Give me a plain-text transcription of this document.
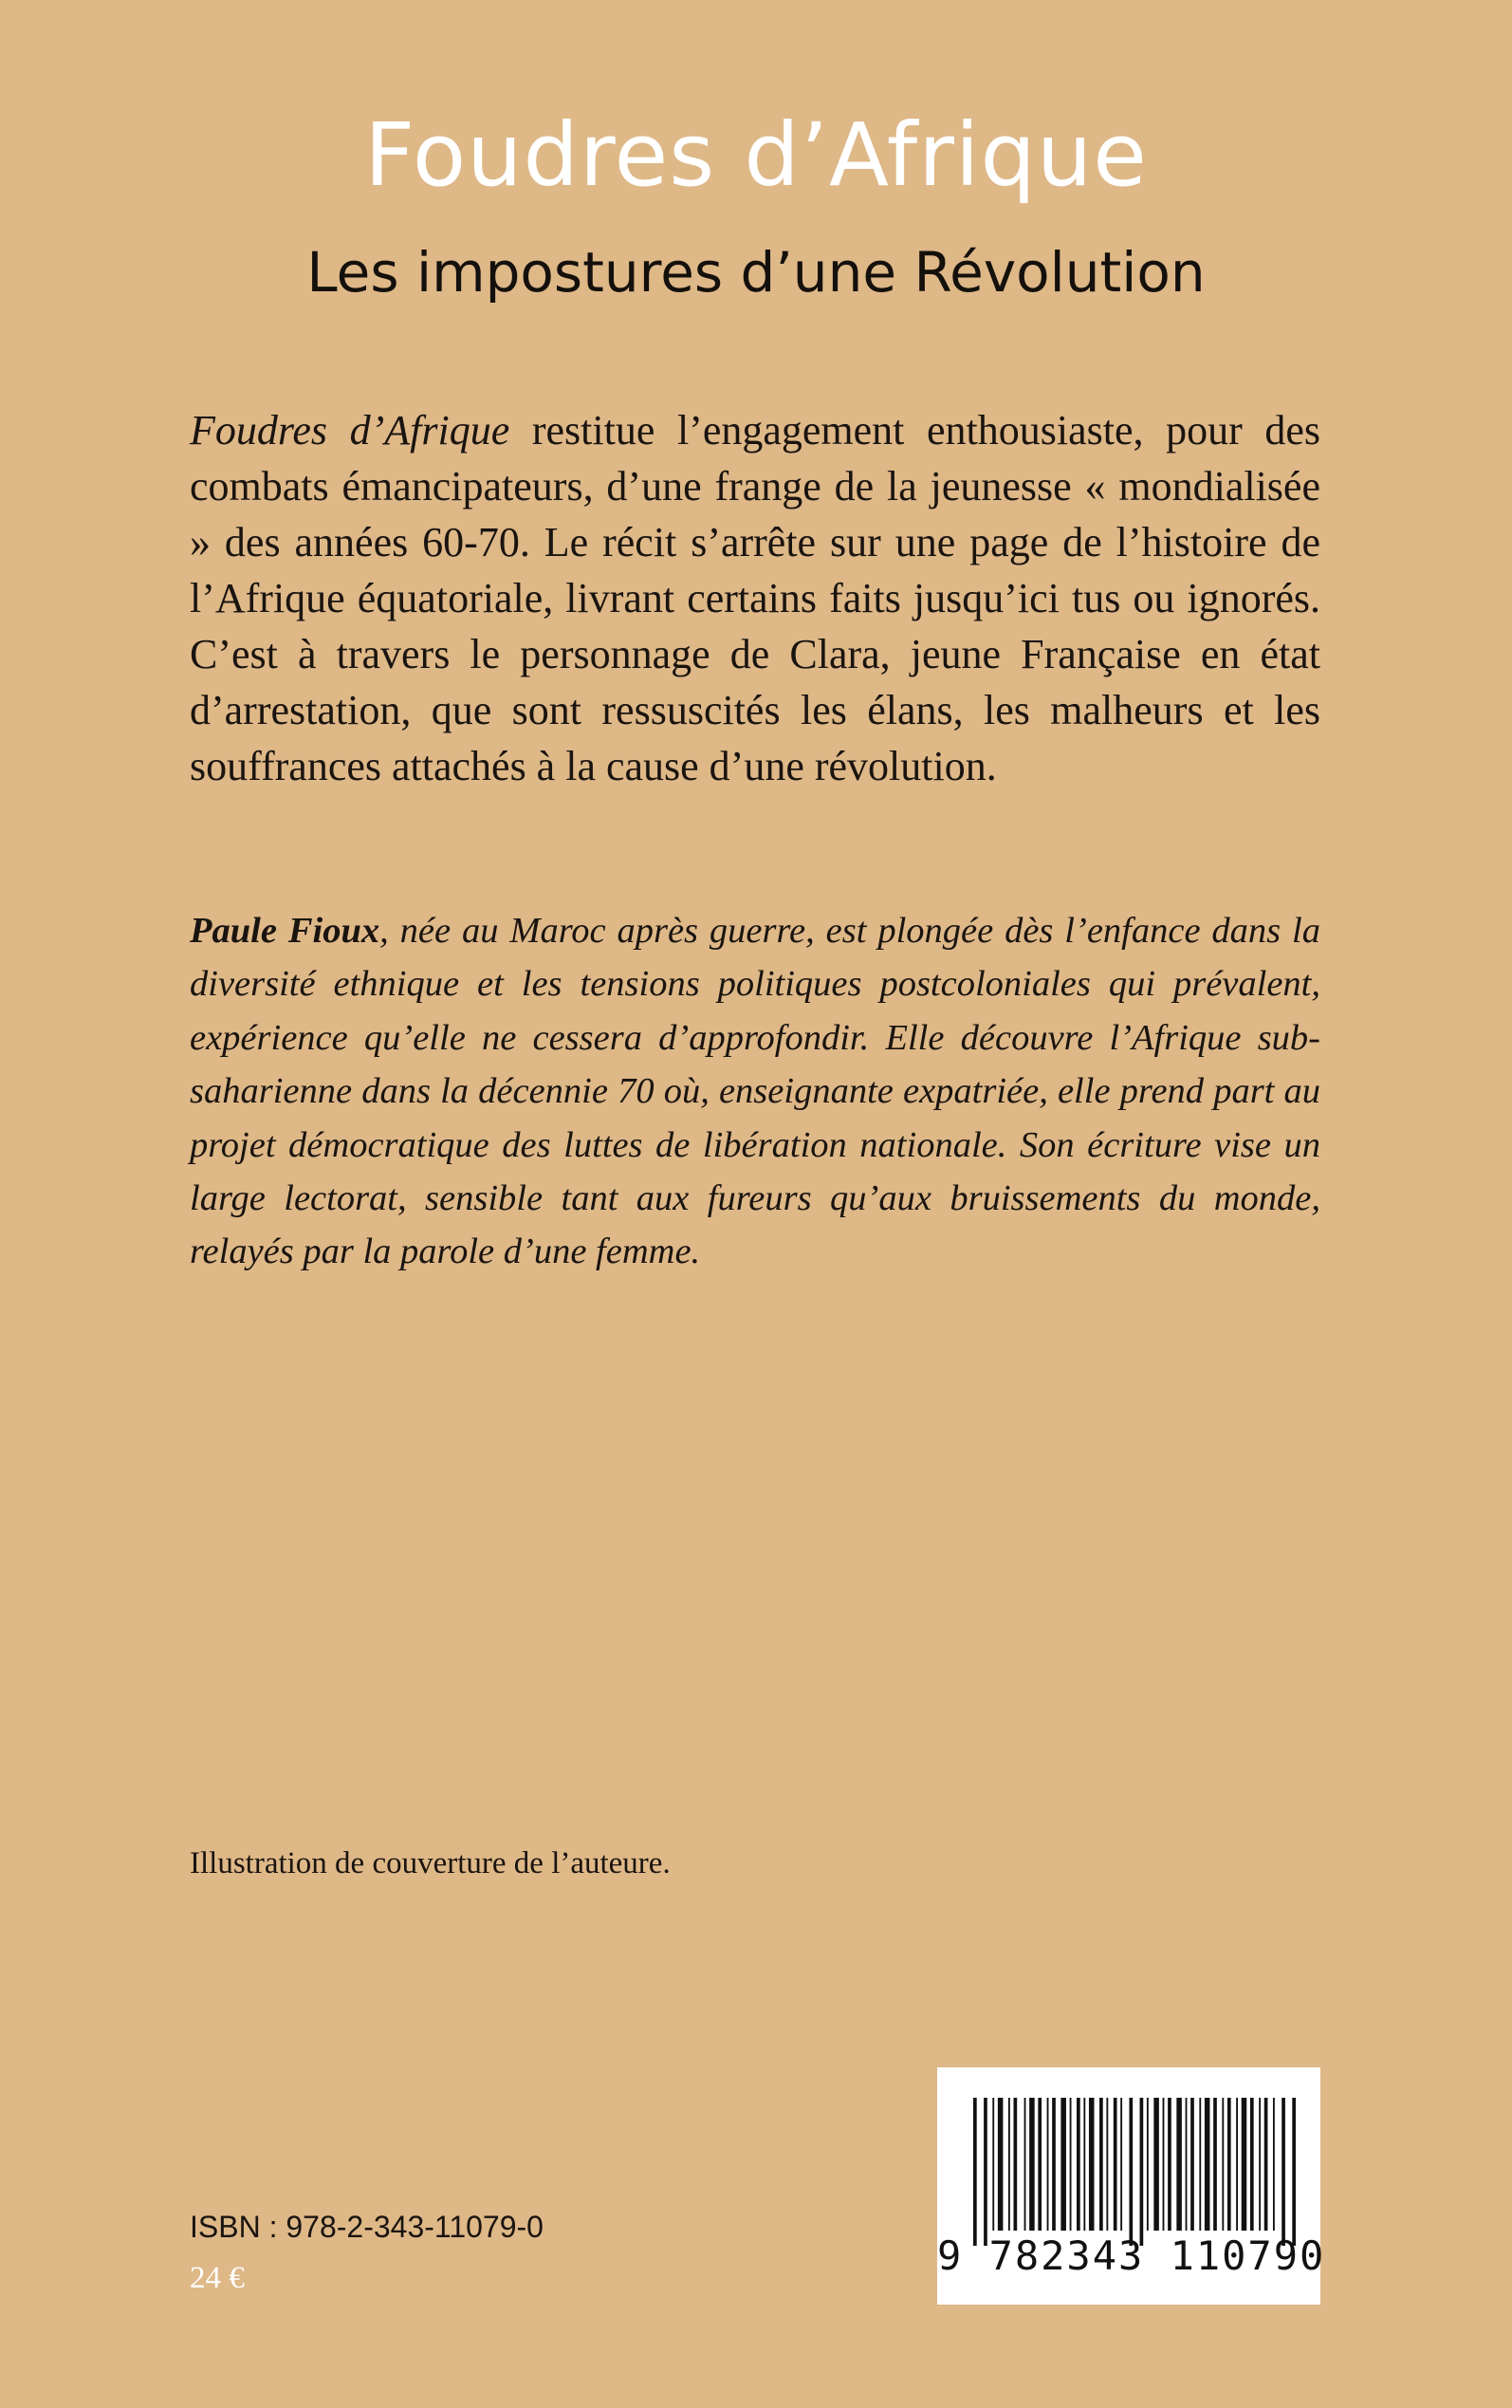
Foudres d’Afrique
Les impostures d’une Révolution

Foudres d’Afrique restitue l’engagement enthousiaste, pour des combats émancipateurs, d’une frange de la jeunesse « mondialisée » des années 60-70. Le récit s’arrête sur une page de l’histoire de l’Afrique équatoriale, livrant certains faits jusqu’ici tus ou ignorés. C’est à travers le personnage de Clara, jeune Française en état d’arrestation, que sont ressuscités les élans, les malheurs et les souffrances attachés à la cause d’une révolution.

Paule Fioux, née au Maroc après guerre, est plongée dès l’enfance dans la diversité ethnique et les tensions politiques postcoloniales qui prévalent, expérience qu’elle ne cessera d’approfondir. Elle découvre l’Afrique sub-saharienne dans la décennie 70 où, enseignante expatriée, elle prend part au projet démocratique des luttes de libération nationale. Son écriture vise un large lectorat, sensible tant aux fureurs qu’aux bruissements du monde, relayés par la parole d’une femme.

Illustration de couverture de l’auteure.
ISBN : 978-2-343-11079-0
24 €	9 782343 110790
